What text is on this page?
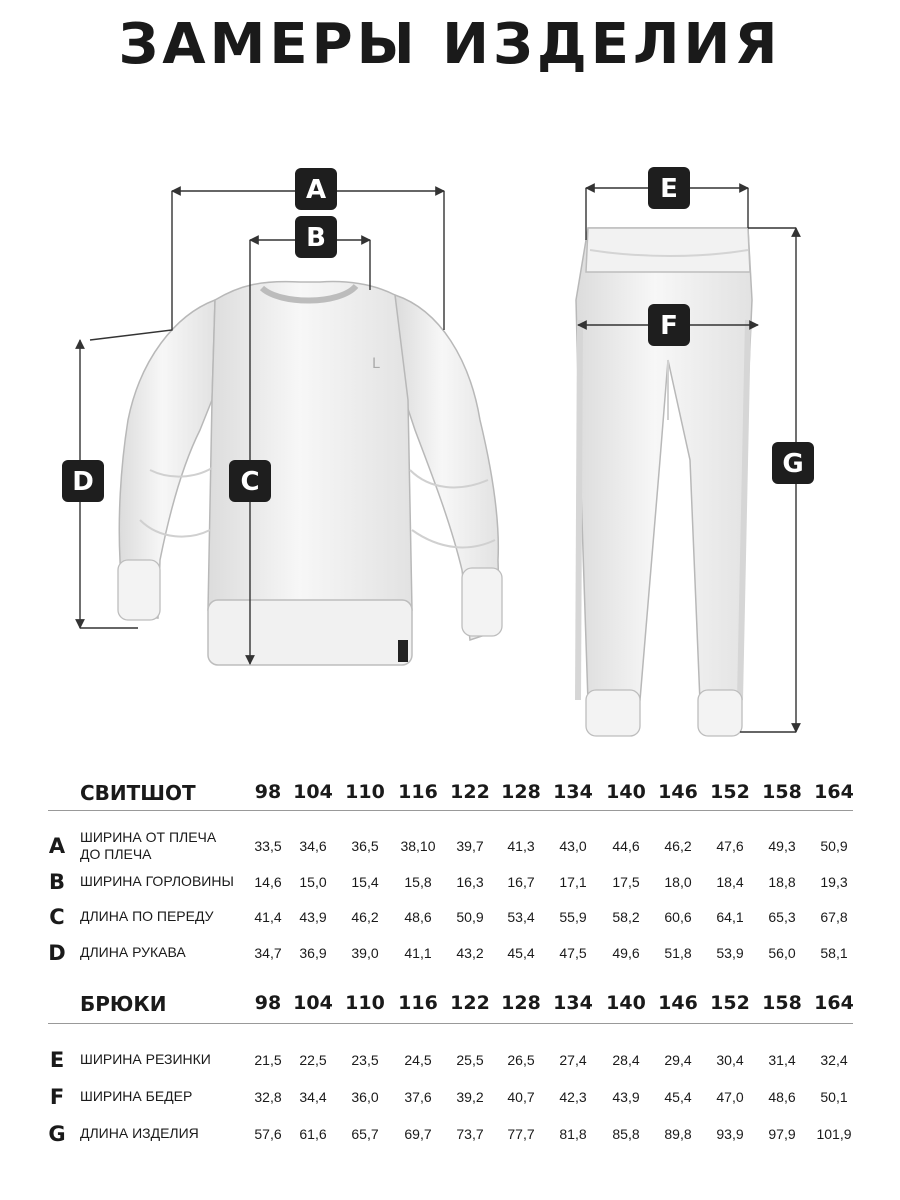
ЗАМЕРЫ ИЗДЕЛИЯ
L
A
B
C
D
E
F
G
СВИТШОТ	98 104 110 116 122 128 134 140 146 152 158 164
A ШИРИНА ОТ ПЛЕЧА
ДО ПЛЕЧА	33,5	34,6	36,5	38,10	39,7	41,3	43,0	44,6	46,2	47,6	49,3	50,9
B ШИРИНА ГОРЛОВИНЫ	14,6	15,0	15,4	15,8	16,3	16,7	17,1	17,5	18,0	18,4	18,8	19,3
C ДЛИНА ПО ПЕРЕДУ	41,4	43,9	46,2	48,6	50,9	53,4	55,9	58,2	60,6	64,1	65,3	67,8
D ДЛИНА РУКАВА	34,7	36,9	39,0	41,1	43,2	45,4	47,5	49,6	51,8	53,9	56,0	58,1
БРЮКИ	98 104 110 116 122 128 134 140 146 152 158 164
E ШИРИНА РЕЗИНКИ	21,5	22,5	23,5	24,5	25,5	26,5	27,4	28,4	29,4	30,4	31,4	32,4
F ШИРИНА БЕДЕР	32,8	34,4	36,0	37,6	39,2	40,7	42,3	43,9	45,4	47,0	48,6	50,1
G ДЛИНА ИЗДЕЛИЯ	57,6	61,6	65,7	69,7	73,7	77,7	81,8	85,8	89,8	93,9	97,9	101,9
